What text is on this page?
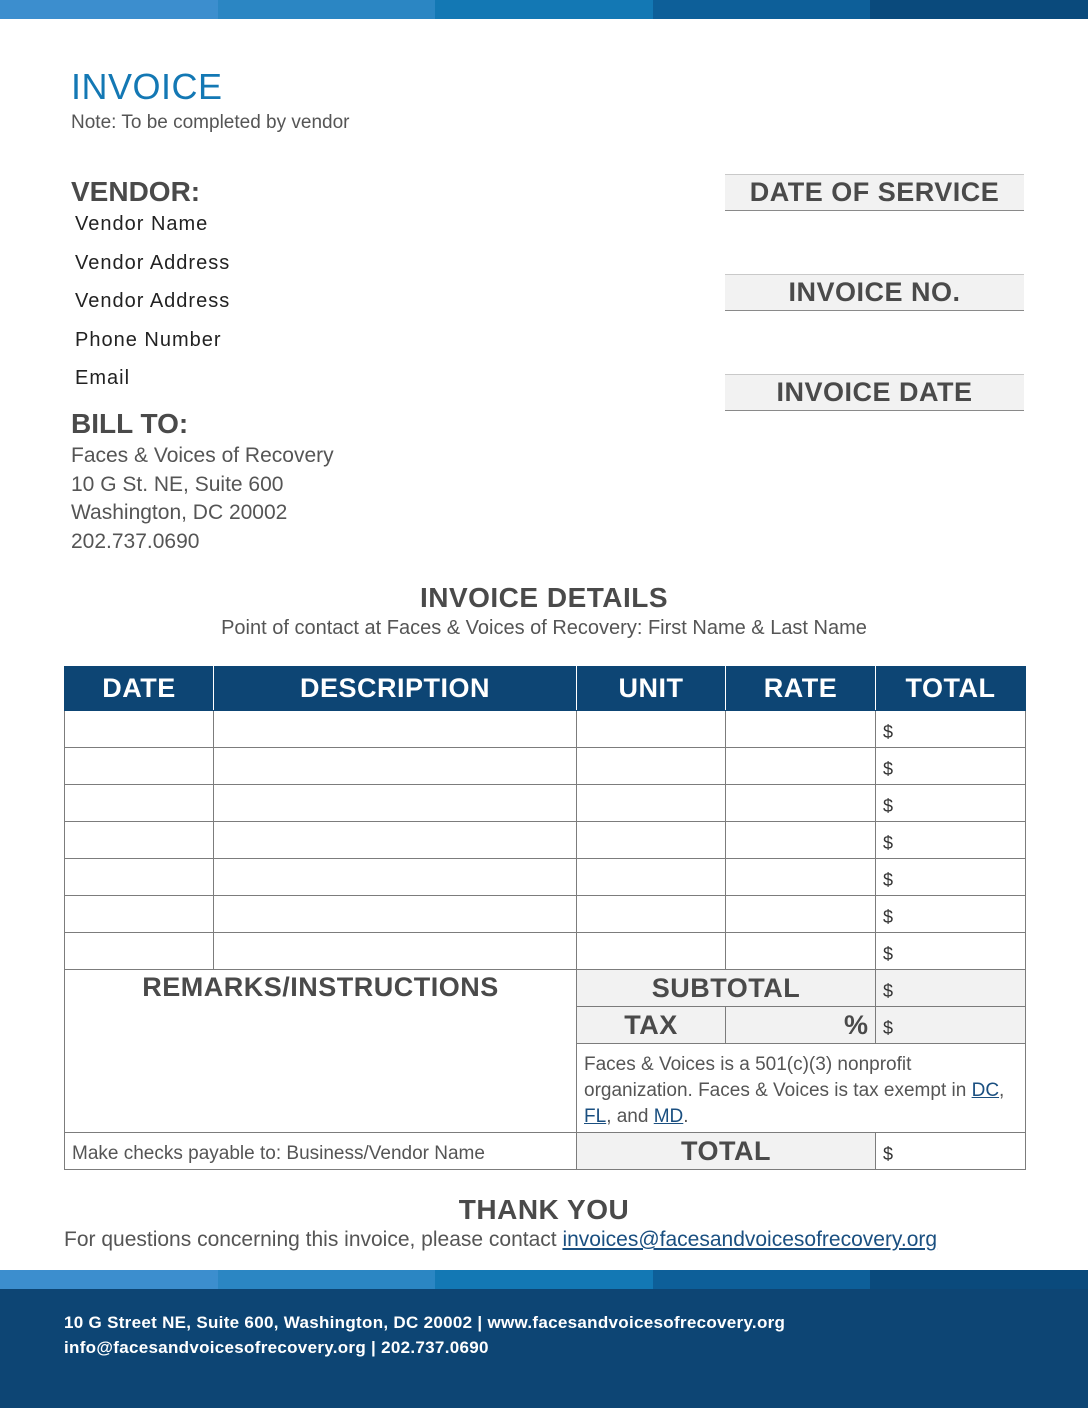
INVOICE
Note: To be completed by vendor
VENDOR:
Vendor Name
Vendor Address
Vendor Address
Phone Number
Email
BILL TO:
Faces & Voices of Recovery
10 G St. NE, Suite 600
Washington, DC 20002
202.737.0690
DATE OF SERVICE
INVOICE NO.
INVOICE DATE
INVOICE DETAILS
Point of contact at Faces & Voices of Recovery: First Name & Last Name
DATE	DESCRIPTION	UNIT	RATE	TOTAL
				$
				$
				$
				$
				$
				$
				$
REMARKS/INSTRUCTIONS		SUBTOTAL		$
		TAX	%	$
		Faces & Voices is a 501(c)(3) nonprofit organization. Faces & Voices is tax exempt in DC, FL, and MD.		
Make checks payable to: Business/Vendor Name		TOTAL		$
THANK YOU
For questions concerning this invoice, please contact invoices@facesandvoicesofrecovery.org
10 G Street NE, Suite 600, Washington, DC 20002 | www.facesandvoicesofrecovery.org
info@facesandvoicesofrecovery.org | 202.737.0690
